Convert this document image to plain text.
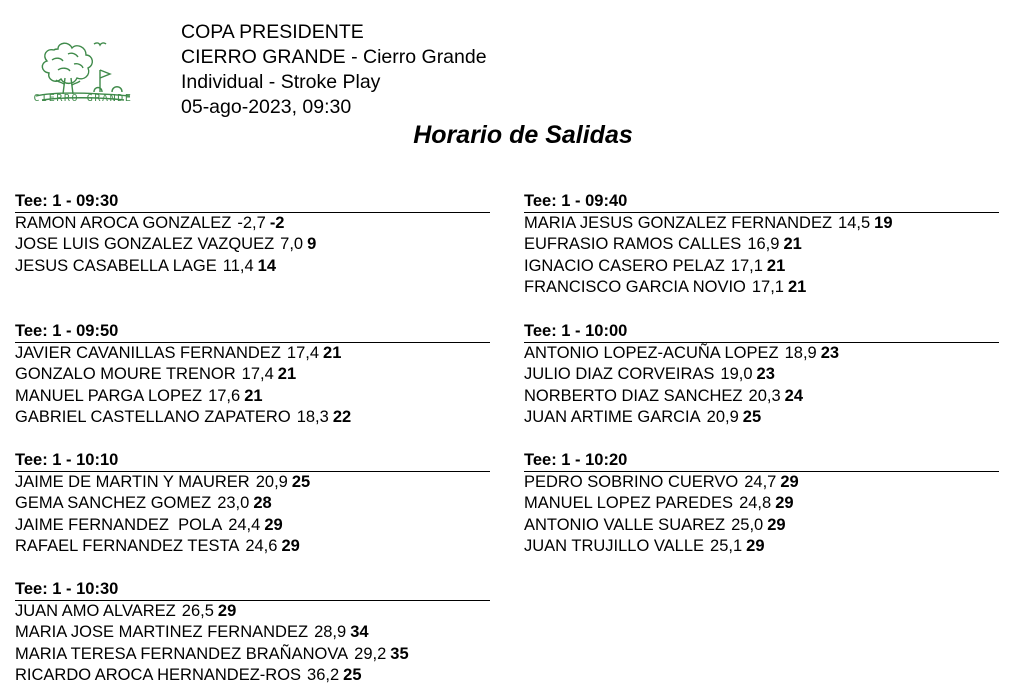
CIERRO GRANDE
COPA PRESIDENTE
CIERRO GRANDE - Cierro Grande
Individual - Stroke Play
05-ago-2023, 09:30
Horario de Salidas
Tee: 1 - 09:30
RAMON AROCA GONZALEZ -2,7 -2
JOSE LUIS GONZALEZ VAZQUEZ 7,0 9
JESUS CASABELLA LAGE 11,4 14
Tee: 1 - 09:40
MARIA JESUS GONZALEZ FERNANDEZ 14,5 19
EUFRASIO RAMOS CALLES 16,9 21
IGNACIO CASERO PELAZ 17,1 21
FRANCISCO GARCIA NOVIO 17,1 21
Tee: 1 - 09:50
JAVIER CAVANILLAS FERNANDEZ 17,4 21
GONZALO MOURE TRENOR 17,4 21
MANUEL PARGA LOPEZ 17,6 21
GABRIEL CASTELLANO ZAPATERO 18,3 22
Tee: 1 - 10:00
ANTONIO LOPEZ-ACUÑA LOPEZ 18,9 23
JULIO DIAZ CORVEIRAS 19,0 23
NORBERTO DIAZ SANCHEZ 20,3 24
JUAN ARTIME GARCIA 20,9 25
Tee: 1 - 10:10
JAIME DE MARTIN Y MAURER 20,9 25
GEMA SANCHEZ GOMEZ 23,0 28
JAIME FERNANDEZ  POLA 24,4 29
RAFAEL FERNANDEZ TESTA 24,6 29
Tee: 1 - 10:20
PEDRO SOBRINO CUERVO 24,7 29
MANUEL LOPEZ PAREDES 24,8 29
ANTONIO VALLE SUAREZ 25,0 29
JUAN TRUJILLO VALLE 25,1 29
Tee: 1 - 10:30
JUAN AMO ALVAREZ 26,5 29
MARIA JOSE MARTINEZ FERNANDEZ 28,9 34
MARIA TERESA FERNANDEZ BRAÑANOVA 29,2 35
RICARDO AROCA HERNANDEZ-ROS 36,2 25
